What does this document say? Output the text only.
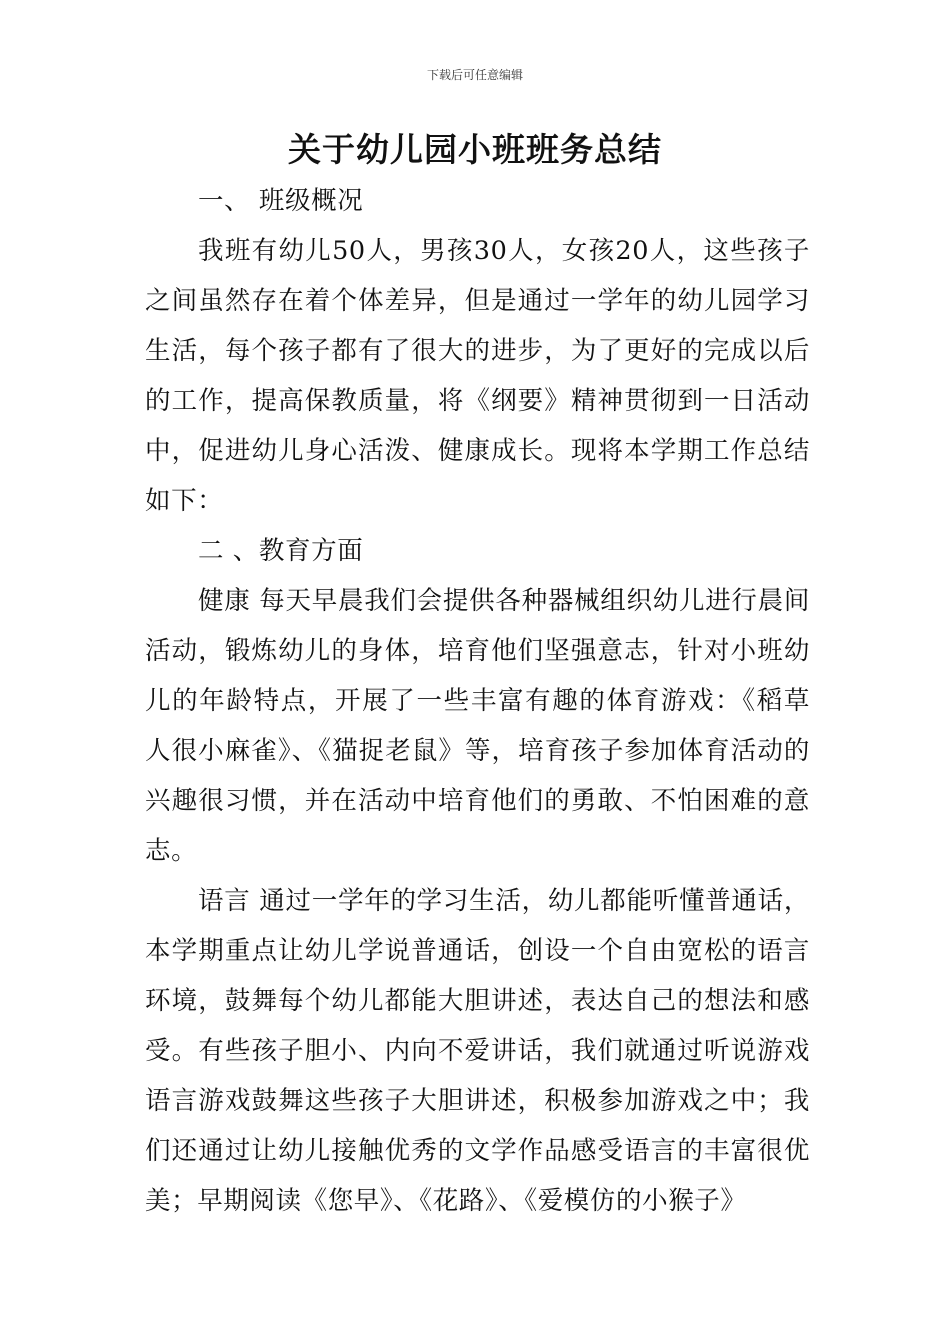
下载后可任意编辑
关于幼儿园小班班务总结

一、 班级概况

我班有幼儿50人，男孩30人，女孩20人，这些孩子之间虽然存在着个体差异，但是通过一学年的幼儿园学习生活，每个孩子都有了很大的进步，为了更好的完成以后的工作，提高保教质量，将《纲要》精神贯彻到一日活动中，促进幼儿身心活泼、健康成长。现将本学期工作总结如下：

二 、教育方面

健康 每天早晨我们会提供各种器械组织幼儿进行晨间活动，锻炼幼儿的身体，培育他们坚强意志，针对小班幼儿的年龄特点，开展了一些丰富有趣的体育游戏：《稻草人很小麻雀》、《猫捉老鼠》等，培育孩子参加体育活动的兴趣很习惯，并在活动中培育他们的勇敢、不怕困难的意志。

语言 通过一学年的学习生活，幼儿都能听懂普通话，本学期重点让幼儿学说普通话，创设一个自由宽松的语言环境，鼓舞每个幼儿都能大胆讲述，表达自己的想法和感受。有些孩子胆小、内向不爱讲话，我们就通过听说游戏语言游戏鼓舞这些孩子大胆讲述，积极参加游戏之中；我们还通过让幼儿接触优秀的文学作品感受语言的丰富很优美；早期阅读《您早》、《花路》、《爱模仿的小猴子》
